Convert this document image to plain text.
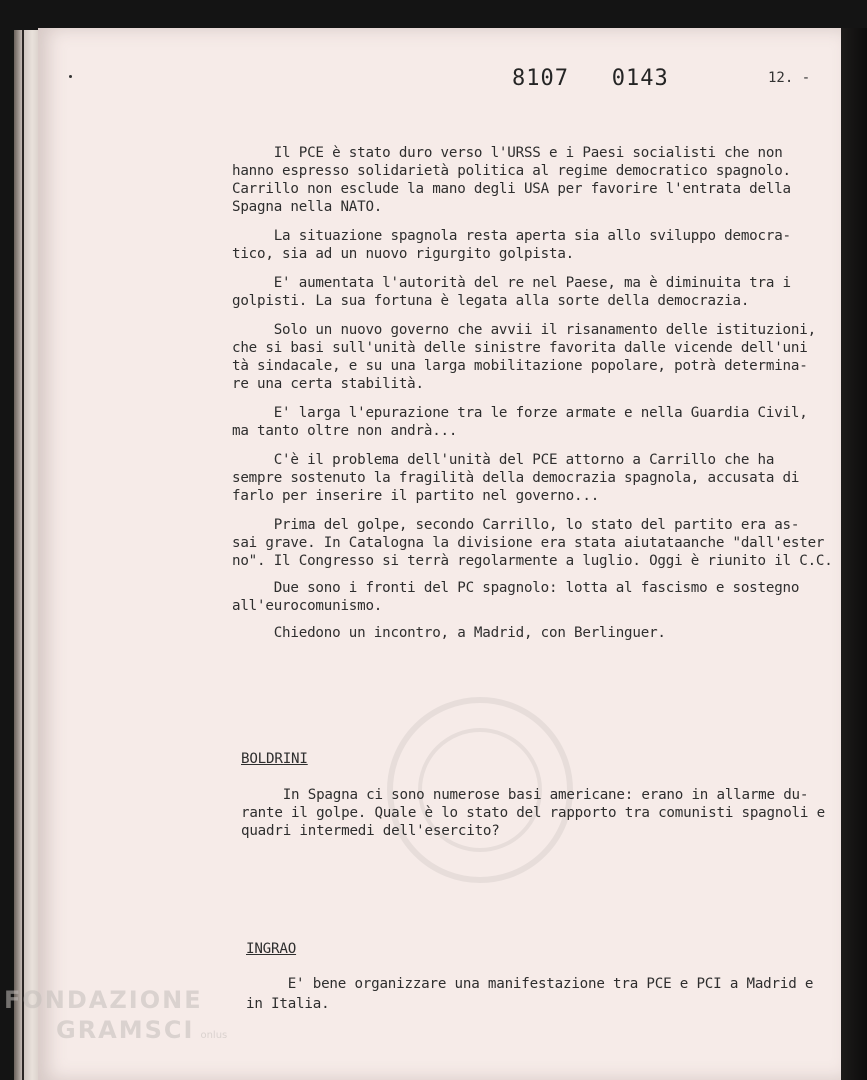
8107   0143	12. -
Il PCE è stato duro verso l'URSS e i Paesi socialisti che non
hanno espresso solidarietà politica al regime democratico spagnolo.
Carrillo non esclude la mano degli USA per favorire l'entrata della
Spagna nella NATO.
La situazione spagnola resta aperta sia allo sviluppo democra-
tico, sia ad un nuovo rigurgito golpista.
E' aumentata l'autorità del re nel Paese, ma è diminuita tra i
golpisti. La sua fortuna è legata alla sorte della democrazia.
Solo un nuovo governo che avvii il risanamento delle istituzioni,
che si basi sull'unità delle sinistre favorita dalle vicende dell'uni
tà sindacale, e su una larga mobilitazione popolare, potrà determina-
re una certa stabilità.
E' larga l'epurazione tra le forze armate e nella Guardia Civil,
ma tanto oltre non andrà...
C'è il problema dell'unità del PCE attorno a Carrillo che ha
sempre sostenuto la fragilità della democrazia spagnola, accusata di
farlo per inserire il partito nel governo...
Prima del golpe, secondo Carrillo, lo stato del partito era as-
sai grave. In Catalogna la divisione era stata aiutataanche "dall'ester
no". Il Congresso si terrà regolarmente a luglio. Oggi è riunito il C.C.
Due sono i fronti del PC spagnolo: lotta al fascismo e sostegno
all'eurocomunismo.
Chiedono un incontro, a Madrid, con Berlinguer.
BOLDRINI
In Spagna ci sono numerose basi americane: erano in allarme du-
rante il golpe. Quale è lo stato del rapporto tra comunisti spagnoli e
quadri intermedi dell'esercito?
INGRAO
E' bene organizzare una manifestazione tra PCE e PCI a Madrid e
in Italia.
FONDAZIONE
GRAMSCI onlus
